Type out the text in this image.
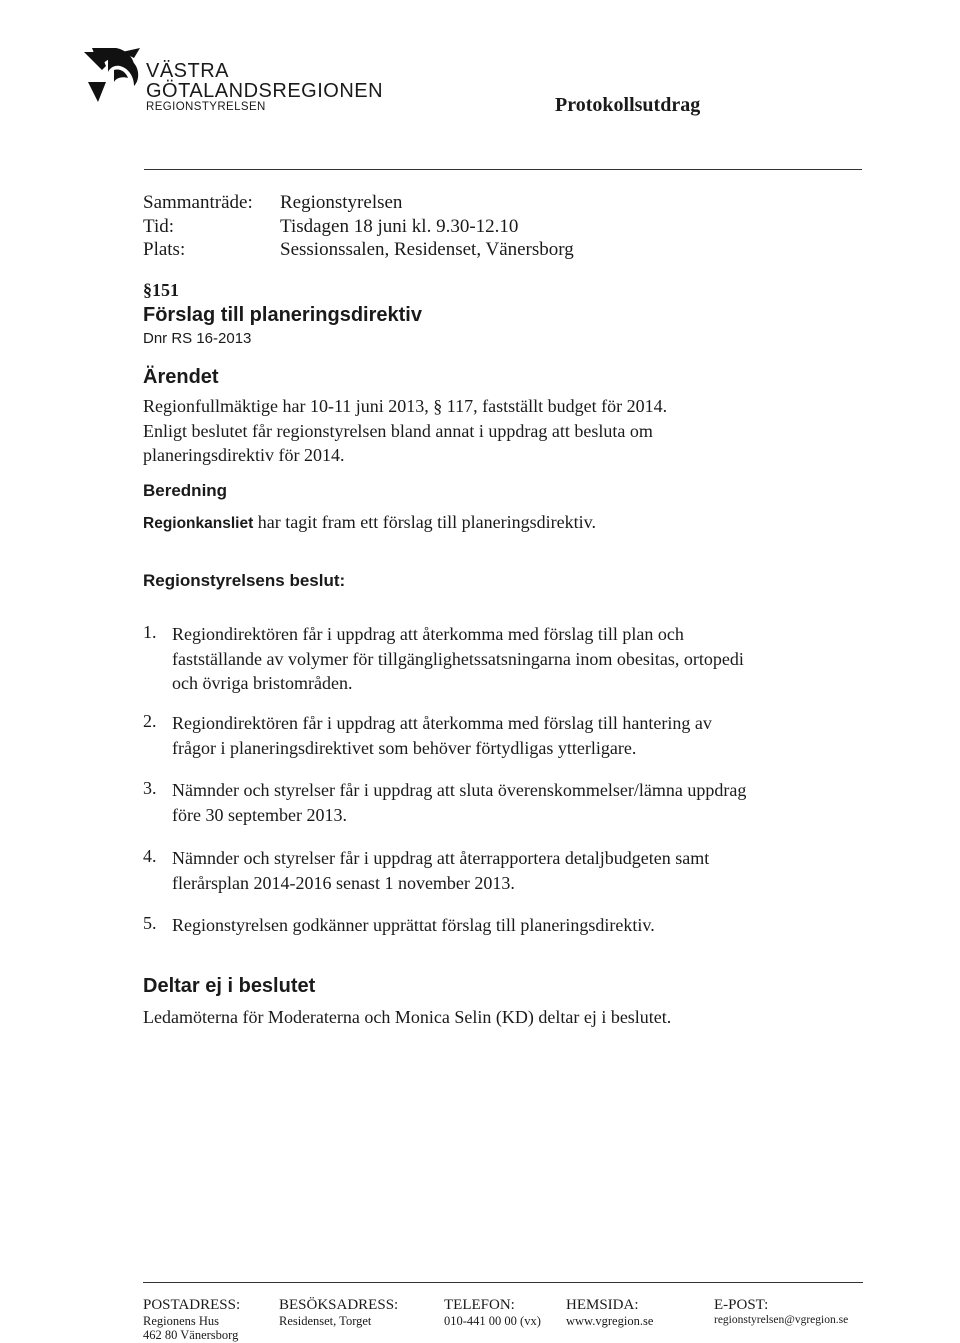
VÄSTRA
GÖTALANDSREGIONEN
REGIONSTYRELSEN	Protokollsutdrag
Sammanträde: Regionstyrelsen
Tid:	Tisdagen 18 juni kl. 9.30-12.10
Plats:	Sessionssalen, Residenset, Vänersborg
§151
Förslag till planeringsdirektiv
Dnr RS 16-2013
Ärendet
Regionfullmäktige har 10-11 juni 2013, § 117, fastställt budget för 2014.
Enligt beslutet får regionstyrelsen bland annat i uppdrag att besluta om
planeringsdirektiv för 2014.
Beredning
Regionkansliet har tagit fram ett förslag till planeringsdirektiv.
Regionstyrelsens beslut:
1. Regiondirektören får i uppdrag att återkomma med förslag till plan och fastställande av volymer för tillgänglighetssatsningarna inom obesitas, ortopedi och övriga bristområden.
2. Regiondirektören får i uppdrag att återkomma med förslag till hantering av frågor i planeringsdirektivet som behöver förtydligas ytterligare.
3. Nämnder och styrelser får i uppdrag att sluta överenskommelser/lämna uppdrag före 30 september 2013.
4. Nämnder och styrelser får i uppdrag att återrapportera detaljbudgeten samt flerårsplan 2014-2016 senast 1 november 2013.
5. Regionstyrelsen godkänner upprättat förslag till planeringsdirektiv.
Deltar ej i beslutet
Ledamöterna för Moderaterna och Monica Selin (KD) deltar ej i beslutet.
POSTADRESS:
Regionens Hus
462 80 Vänersborg
BESÖKSADRESS:
Residenset, Torget
TELEFON:
010-441 00 00 (vx)
HEMSIDA:
www.vgregion.se
E-POST:
regionstyrelsen@vgregion.se
